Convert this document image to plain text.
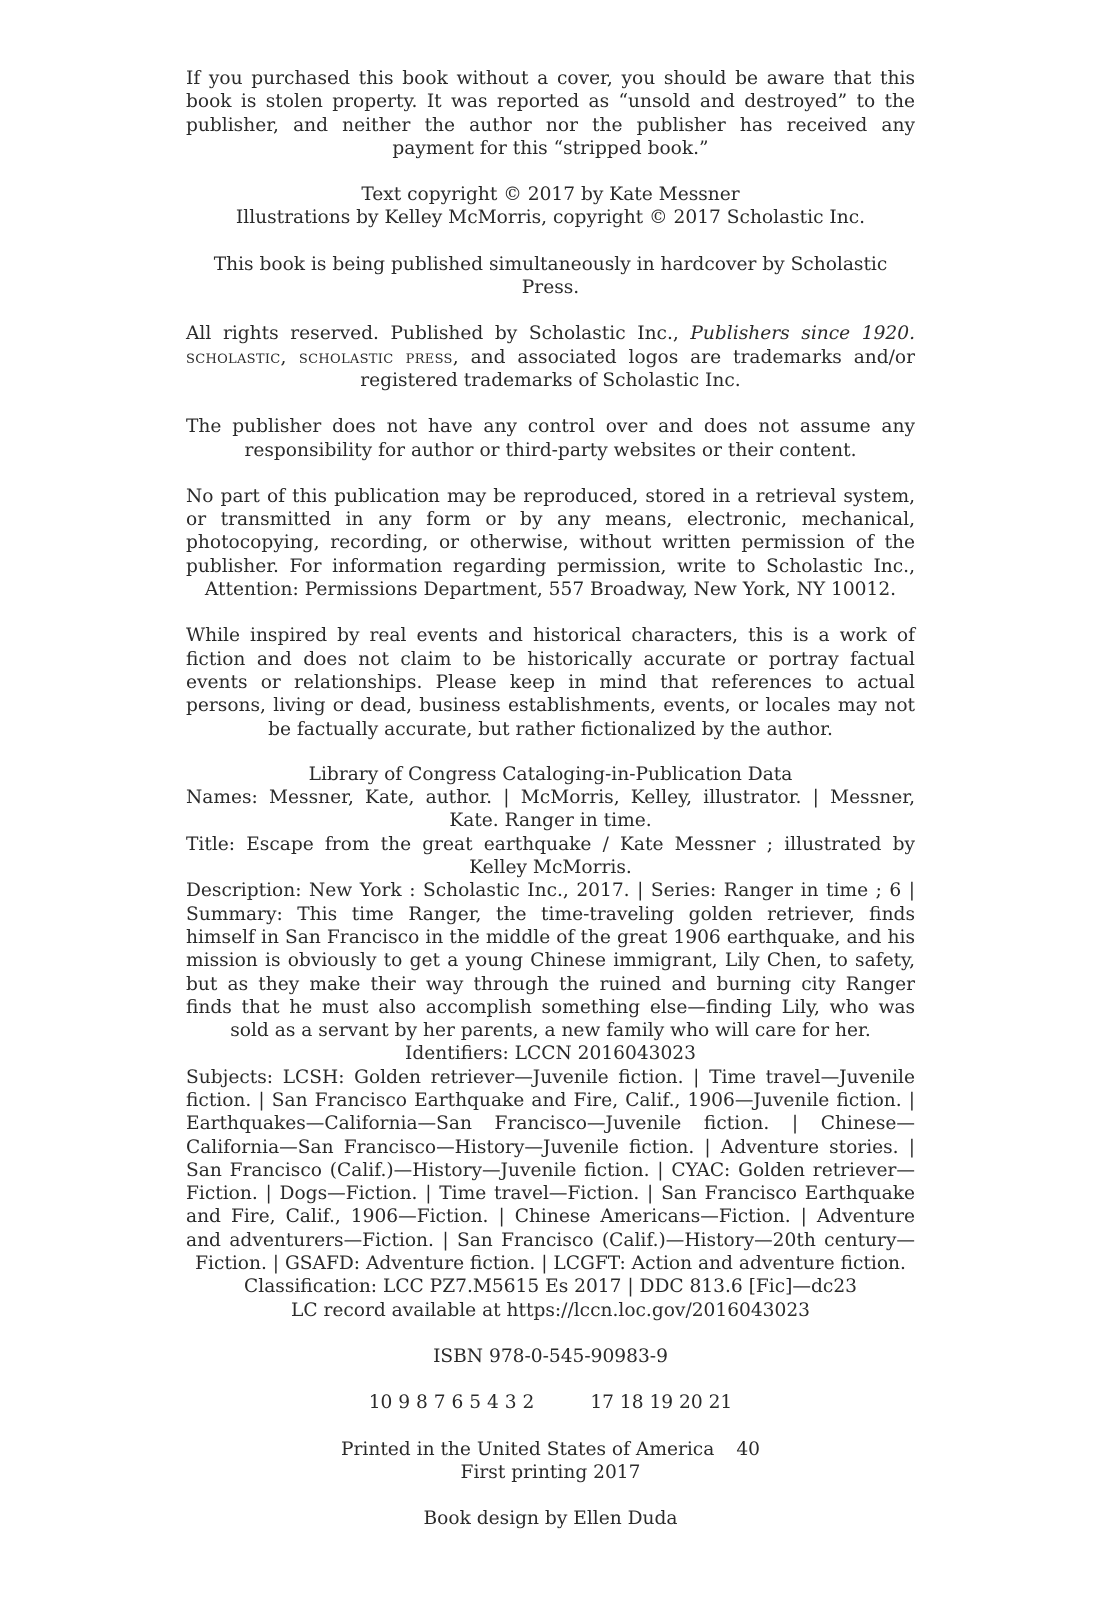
If you purchased this book without a cover, you should be aware that this book is stolen property. It was reported as “unsold and destroyed” to the publisher, and neither the author nor the publisher has received any payment for this “stripped book.”

Text copyright © 2017 by Kate Messner

Illustrations by Kelley McMorris, copyright © 2017 Scholastic Inc.

This book is being published simultaneously in hardcover by Scholastic Press.

All rights reserved. Published by Scholastic Inc., Publishers since 1920. scholastic, scholastic press, and associated logos are trademarks and/or registered trademarks of Scholastic Inc.

The publisher does not have any control over and does not assume any responsibility for author or third-party websites or their content.

No part of this publication may be reproduced, stored in a retrieval system, or transmitted in any form or by any means, electronic, mechanical, photocopying, recording, or otherwise, without written permission of the publisher. For information regarding permission, write to Scholastic Inc., Attention: Permissions Department, 557 Broadway, New York, NY 10012.

While inspired by real events and historical characters, this is a work of fiction and does not claim to be historically accurate or portray factual events or relationships. Please keep in mind that references to actual persons, living or dead, business establishments, events, or locales may not be factually accurate, but rather fictionalized by the author.

Library of Congress Cataloging-in-Publication Data

Names: Messner, Kate, author. | McMorris, Kelley, illustrator. | Messner, Kate. Ranger in time.

Title: Escape from the great earthquake / Kate Messner ; illustrated by Kelley McMorris.

Description: New York : Scholastic Inc., 2017. | Series: Ranger in time ; 6 | Summary: This time Ranger, the time-traveling golden retriever, finds himself in San Francisco in the middle of the great 1906 earthquake, and his mission is obviously to get a young Chinese immigrant, Lily Chen, to safety, but as they make their way through the ruined and burning city Ranger finds that he must also accomplish something else—finding Lily, who was sold as a servant by her parents, a new family who will care for her.

Identifiers: LCCN 2016043023

Subjects: LCSH: Golden retriever—Juvenile fiction. | Time travel—Juvenile fiction. | San Francisco Earthquake and Fire, Calif., 1906—Juvenile fiction. | Earthquakes—California—San Francisco—Juvenile fiction. | Chinese—California—San Francisco—History—Juvenile fiction. | Adventure stories. | San Francisco (Calif.)—History—Juvenile fiction. | CYAC: Golden retriever—Fiction. | Dogs—Fiction. | Time travel—Fiction. | San Francisco Earthquake and Fire, Calif., 1906—Fiction. | Chinese Americans—Fiction. | Adventure and adventurers—Fiction. | San Francisco (Calif.)—History—20th century—Fiction. | GSAFD: Adventure fiction. | LCGFT: Action and adventure fiction.

Classification: LCC PZ7.M5615 Es 2017 | DDC 813.6 [Fic]—dc23

LC record available at https://lccn.loc.gov/2016043023

ISBN 978-0-545-90983-9

10 9 8 7 6 5 4 3 2	17 18 19 20 21

Printed in the United States of America 40

First printing 2017

Book design by Ellen Duda
